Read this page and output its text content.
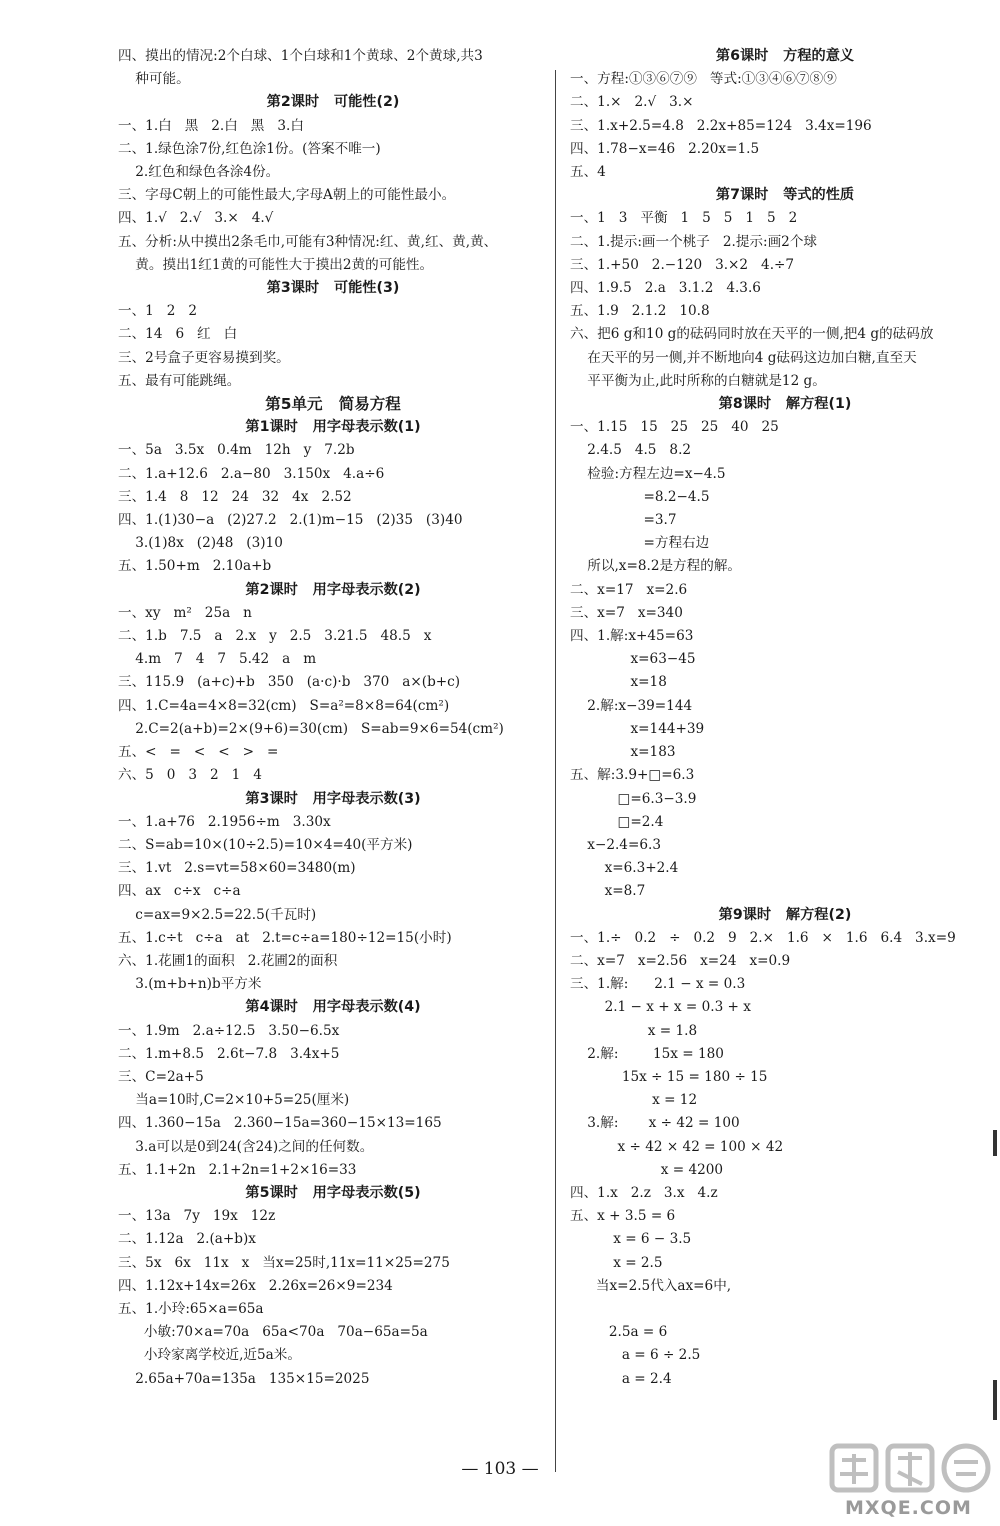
四、摸出的情况:2个白球、1个白球和1个黄球、2个黄球,共3
种可能。
第2课时   可能性(2)
一、1.白   黑   2.白   黑   3.白
二、1.绿色涂7份,红色涂1份。(答案不唯一)
2.红色和绿色各涂4份。
三、字母C朝上的可能性最大,字母A朝上的可能性最小。
四、1.√   2.√   3.×   4.√
五、分析:从中摸出2条毛巾,可能有3种情况:红、黄,红、黄,黄、
黄。摸出1红1黄的可能性大于摸出2黄的可能性。
第3课时   可能性(3)
一、1   2   2
二、14   6   红   白
三、2号盒子更容易摸到奖。
五、最有可能跳绳。
第5单元   简易方程
第1课时   用字母表示数(1)
一、5a   3.5x   0.4m   12h   y   7.2b
二、1.a+12.6   2.a−80   3.150x   4.a÷6
三、1.4   8   12   24   32   4x   2.52
四、1.(1)30−a   (2)27.2   2.(1)m−15   (2)35   (3)40
3.(1)8x   (2)48   (3)10
五、1.50+m   2.10a+b
第2课时   用字母表示数(2)
一、xy   m²   25a   n
二、1.b   7.5   a   2.x   y   2.5   3.21.5   48.5   x
4.m   7   4   7   5.42   a   m
三、115.9   (a+c)+b   350   (a·c)·b   370   a×(b+c)
四、1.C=4a=4×8=32(cm)   S=a²=8×8=64(cm²)
2.C=2(a+b)=2×(9+6)=30(cm)   S=ab=9×6=54(cm²)
五、<   =   <   <   >   =
六、5   0   3   2   1   4
第3课时   用字母表示数(3)
一、1.a+76   2.1956÷m   3.30x
二、S=ab=10×(10÷2.5)=10×4=40(平方米)
三、1.vt   2.s=vt=58×60=3480(m)
四、ax   c÷x   c÷a
c=ax=9×2.5=22.5(千瓦时)
五、1.c÷t   c÷a   at   2.t=c÷a=180÷12=15(小时)
六、1.花圃1的面积   2.花圃2的面积
3.(m+b+n)b平方米
第4课时   用字母表示数(4)
一、1.9m   2.a÷12.5   3.50−6.5x
二、1.m+8.5   2.6t−7.8   3.4x+5
三、C=2a+5
当a=10时,C=2×10+5=25(厘米)
四、1.360−15a   2.360−15a=360−15×13=165
3.a可以是0到24(含24)之间的任何数。
五、1.1+2n   2.1+2n=1+2×16=33
第5课时   用字母表示数(5)
一、13a   7y   19x   12z
二、1.12a   2.(a+b)x
三、5x   6x   11x   x   当x=25时,11x=11×25=275
四、1.12x+14x=26x   2.26x=26×9=234
五、1.小玲:65×a=65a
小敏:70×a=70a   65a<70a   70a−65a=5a
小玲家离学校近,近5a米。
2.65a+70a=135a   135×15=2025
第6课时   方程的意义
一、方程:①③⑥⑦⑨   等式:①③④⑥⑦⑧⑨
二、1.×   2.√   3.×
三、1.x+2.5=4.8   2.2x+85=124   3.4x=196
四、1.78−x=46   2.20x=1.5
五、4
第7课时   等式的性质
一、1   3   平衡   1   5   5   1   5   2
二、1.提示:画一个桃子   2.提示:画2个球
三、1.+50   2.−120   3.×2   4.÷7
四、1.9.5   2.a   3.1.2   4.3.6
五、1.9   2.1.2   10.8
六、把6 g和10 g的砝码同时放在天平的一侧,把4 g的砝码放
在天平的另一侧,并不断地向4 g砝码这边加白糖,直至天
平平衡为止,此时所称的白糖就是12 g。
第8课时   解方程(1)
一、1.15   15   25   25   40   25
2.4.5   4.5   8.2
检验:方程左边=x−4.5
=8.2−4.5
=3.7
=方程右边
所以,x=8.2是方程的解。
二、x=17   x=2.6
三、x=7   x=340
四、1.解:x+45=63
x=63−45
x=18
2.解:x−39=144
x=144+39
x=183
五、解:3.9+□=6.3
□=6.3−3.9
□=2.4
x−2.4=6.3
x=6.3+2.4
x=8.7
第9课时   解方程(2)
一、1.÷   0.2   ÷   0.2   9   2.×   1.6   ×   1.6   6.4   3.x=9
二、x=7   x=2.56   x=24   x=0.9
三、1.解:      2.1 − x = 0.3
2.1 − x + x = 0.3 + x
x = 1.8
2.解:        15x = 180
15x ÷ 15 = 180 ÷ 15
x = 12
3.解:       x ÷ 42 = 100
x ÷ 42 × 42 = 100 × 42
x = 4200
四、1.x   2.z   3.x   4.z
五、x + 3.5 = 6
x = 6 − 3.5
x = 2.5
当x=2.5代入ax=6中,

2.5a = 6
a = 6 ÷ 2.5
a = 2.4
— 103 —
MXQE.COM
